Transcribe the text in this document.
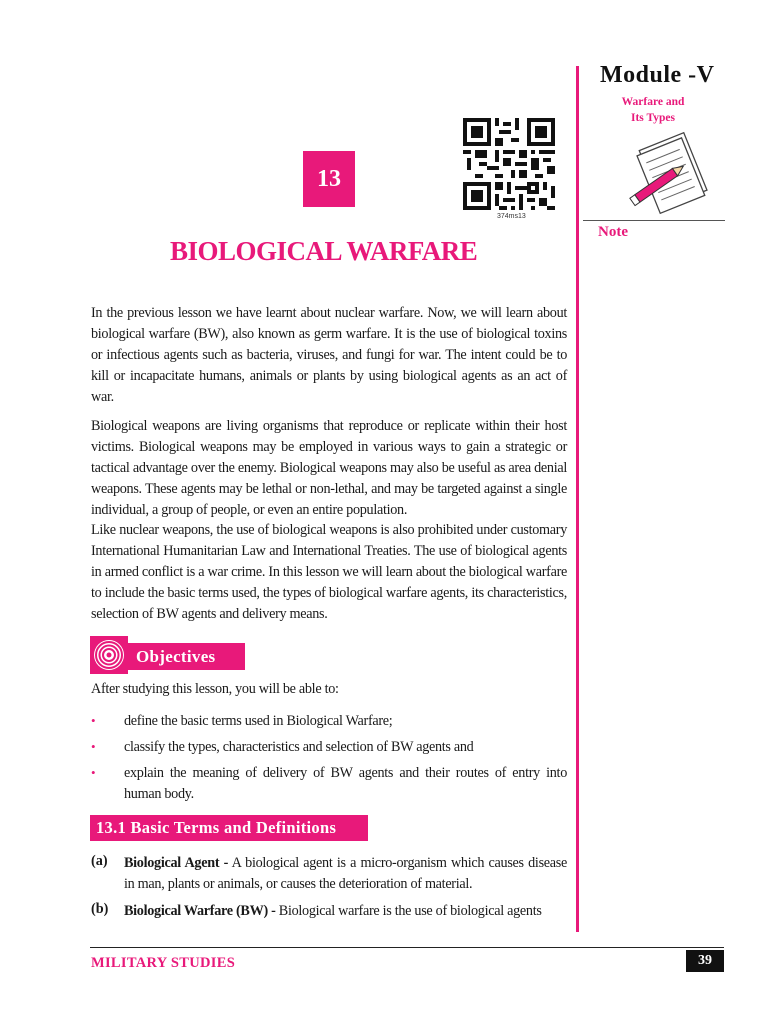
Module -V
Warfare and
Its Types
Note
13
374ms13
BIOLOGICAL WARFARE
In the previous lesson we have learnt about nuclear warfare. Now, we will learn about biological warfare (BW), also known as germ warfare. It is the use of biological toxins or infectious agents such as bacteria, viruses, and fungi for war. The intent could be to kill or incapacitate humans, animals or plants by using biological agents as an act of war.
Biological weapons are living organisms that reproduce or replicate within their host victims. Biological weapons may be employed in various ways to gain a strategic or tactical advantage over the enemy. Biological weapons may also be useful as area denial weapons. These agents may be lethal or non-lethal, and may be targeted against a single individual, a group of people, or even an entire population.
Like nuclear weapons, the use of biological weapons is also prohibited under customary International Humanitarian Law and International Treaties. The use of biological agents in armed conflict is a war crime. In this lesson we will learn about the biological warfare to include the basic terms used, the types of biological warfare agents, its characteristics, selection of BW agents and delivery means.
Objectives
After studying this lesson, you will be able to:
• define the basic terms used in Biological Warfare;
• classify the types, characteristics and selection of BW agents and
• explain the meaning of delivery of BW agents and their routes of entry into human body.
13.1 Basic Terms and Definitions
(a) Biological Agent - A biological agent is a micro-organism which causes disease in man, plants or animals, or causes the deterioration of material.
(b) Biological Warfare (BW) - Biological warfare is the use of biological agents
MILITARY STUDIES	39
